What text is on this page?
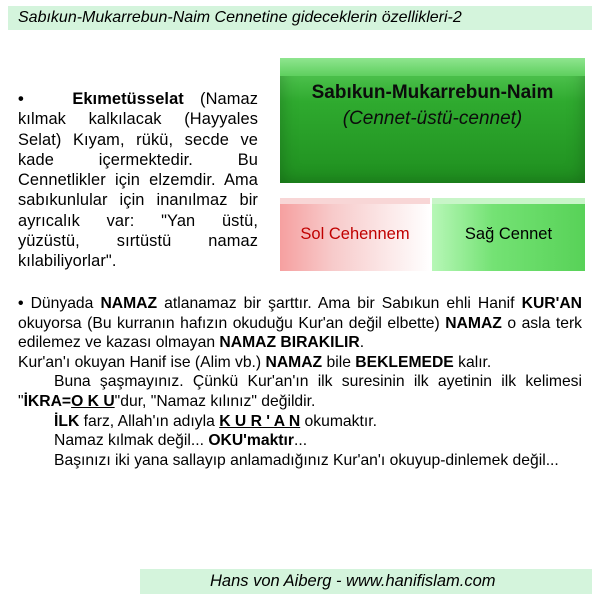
Sabıkun-Mukarrebun-Naim Cennetine gideceklerin özellikleri-2
•	Ekımetüsselat (Namaz kılmak kalkılacak (Hayyales Selat) Kıyam, rükü, secde ve kade içermektedir. Bu Cennetlikler için elzemdir. Ama sabıkunlular için inanılmaz bir ayrıcalık var: "Yan üstü, yüzüstü, sırtüstü namaz kılabiliyorlar".
Sabıkun-Mukarrebun-Naim
(Cennet-üstü-cennet)
Sol Cehennem	Sağ Cennet

• Dünyada NAMAZ atlanamaz bir şarttır. Ama bir Sabıkun ehli Hanif KUR'AN okuyorsa (Bu kurranın hafızın okuduğu Kur'an değil elbette) NAMAZ o asla terk edilemez ve kazası olmayan NAMAZ BIRAKILIR.

Kur'an'ı okuyan Hanif ise (Alim vb.) NAMAZ bile BEKLEMEDE kalır.

Buna şaşmayınız. Çünkü Kur'an'ın ilk suresinin ilk ayetinin ilk kelimesi "İKRA=O K U"dur, "Namaz kılınız" değildir.

İLK farz, Allah'ın adıyla K U R ' A N okumaktır.

Namaz kılmak değil... OKU'maktır...

Başınızı iki yana sallayıp anlamadığınız Kur'an'ı okuyup-dinlemek değil...

Hans von Aiberg - www.hanifislam.com
